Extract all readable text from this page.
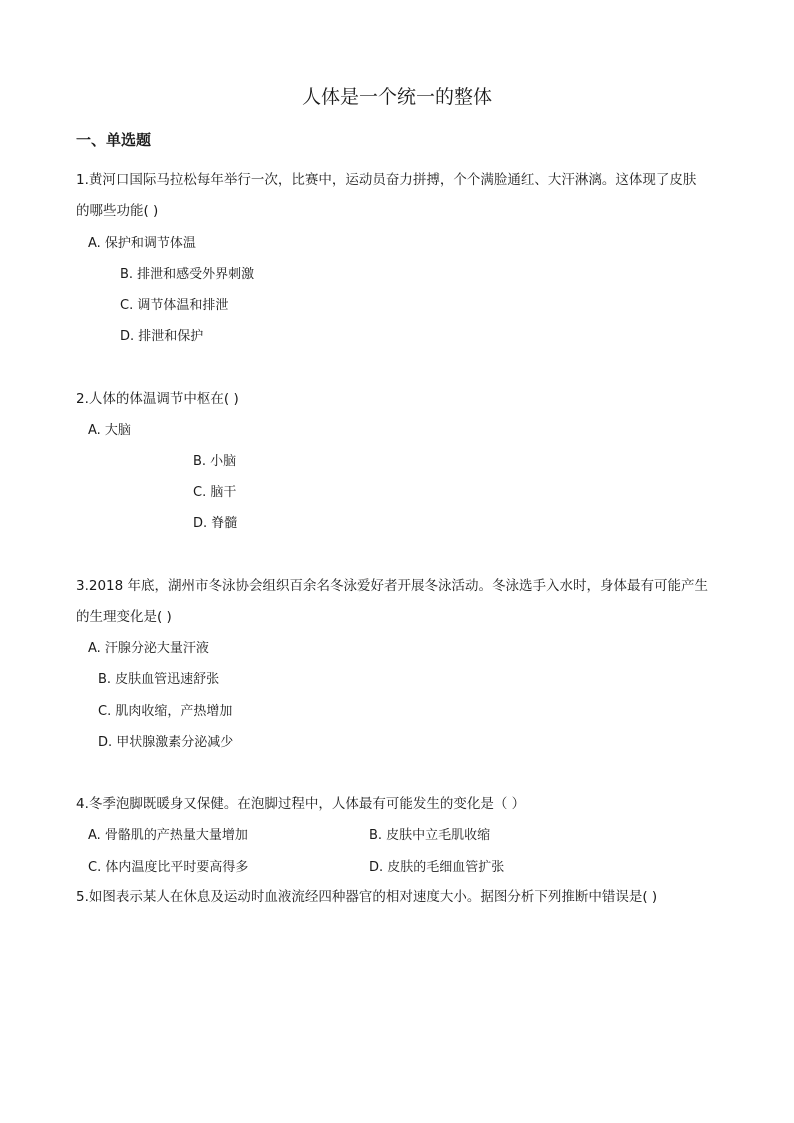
人体是一个统一的整体
一、单选题
1.黄河口国际马拉松每年举行一次，比赛中，运动员奋力拼搏，个个满脸通红、大汗淋漓。这体现了皮肤
的哪些功能( )
A. 保护和调节体温
B. 排泄和感受外界刺激
C. 调节体温和排泄
D. 排泄和保护
2.人体的体温调节中枢在( )
A. 大脑
B. 小脑
C. 脑干
D. 脊髓
3.2018 年底，湖州市冬泳协会组织百余名冬泳爱好者开展冬泳活动。冬泳选手入水时，身体最有可能产生
的生理变化是( )
A. 汗腺分泌大量汗液
B. 皮肤血管迅速舒张
C. 肌肉收缩，产热增加
D. 甲状腺激素分泌减少
4.冬季泡脚既暖身又保健。在泡脚过程中，人体最有可能发生的变化是（ ）
A. 骨骼肌的产热量大量增加	B. 皮肤中立毛肌收缩
C. 体内温度比平时要高得多	D. 皮肤的毛细血管扩张
5.如图表示某人在休息及运动时血液流经四种器官的相对速度大小。据图分析下列推断中错误是( )
